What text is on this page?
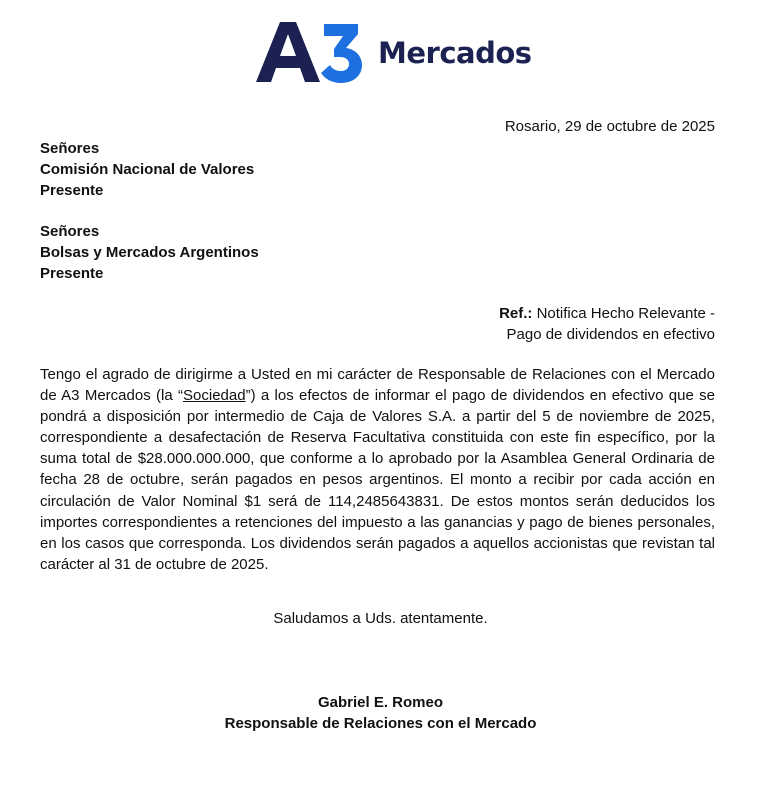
Mercados
Rosario, 29 de octubre de 2025
Señores
Comisión Nacional de Valores
Presente
Señores
Bolsas y Mercados Argentinos
Presente
Ref.: Notifica Hecho Relevante -
Pago de dividendos en efectivo
Tengo el agrado de dirigirme a Usted en mi carácter de Responsable de Relaciones con el Mercado de A3 Mercados (la “Sociedad”) a los efectos de informar el pago de dividendos en efectivo que se pondrá a disposición por intermedio de Caja de Valores S.A. a partir del 5 de noviembre de 2025, correspondiente a desafectación de Reserva Facultativa constituida con este fin específico, por la suma total de $28.000.000.000, que conforme a lo aprobado por la Asamblea General Ordinaria de fecha 28 de octubre, serán pagados en pesos argentinos. El monto a recibir por cada acción en circulación de Valor Nominal $1 será de 114,2485643831. De estos montos serán deducidos los importes correspondientes a retenciones del impuesto a las ganancias y pago de bienes personales, en los casos que corresponda. Los dividendos serán pagados a aquellos accionistas que revistan tal carácter al 31 de octubre de 2025.
Saludamos a Uds. atentamente.
Gabriel E. Romeo
Responsable de Relaciones con el Mercado
